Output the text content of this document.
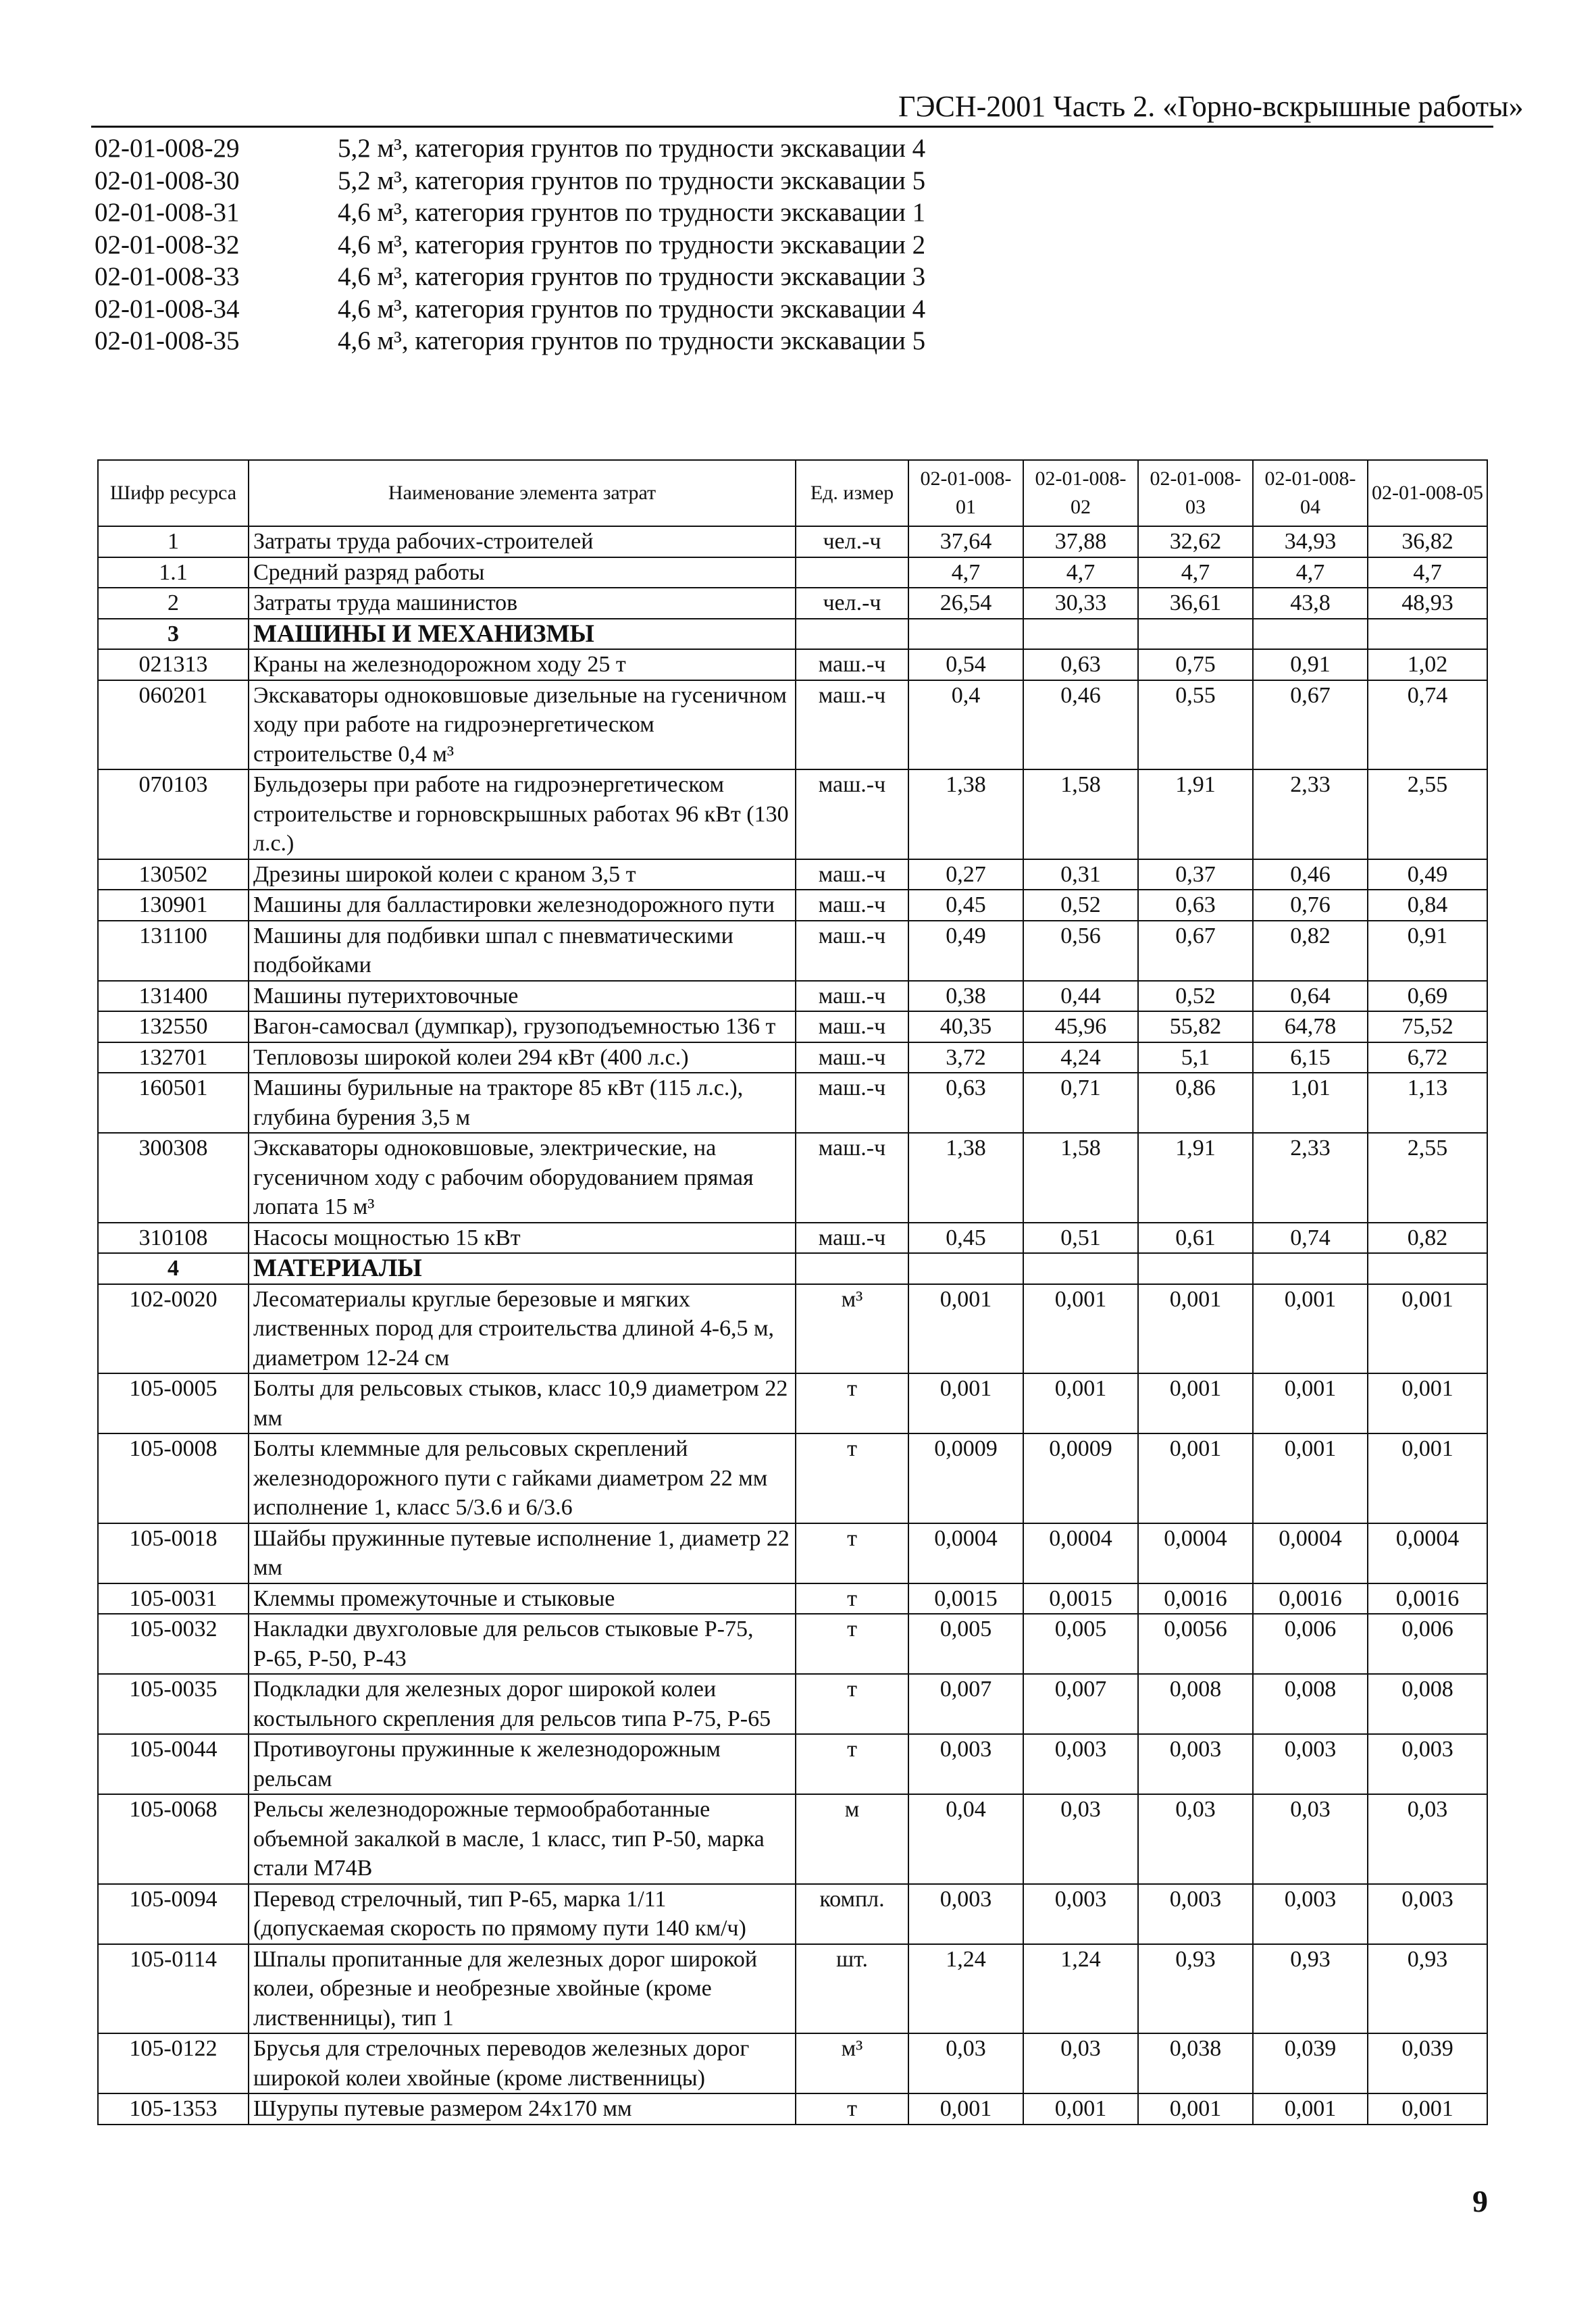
ГЭСН-2001 Часть 2. «Горно-вскрышные работы»
02-01-008-29	5,2 м³, категория грунтов по трудности экскавации 4
02-01-008-30	5,2 м³, категория грунтов по трудности экскавации 5
02-01-008-31	4,6 м³, категория грунтов по трудности экскавации 1
02-01-008-32	4,6 м³, категория грунтов по трудности экскавации 2
02-01-008-33	4,6 м³, категория грунтов по трудности экскавации 3
02-01-008-34	4,6 м³, категория грунтов по трудности экскавации 4
02-01-008-35	4,6 м³, категория грунтов по трудности экскавации 5
Шифр ресурса	Наименование элемента затрат	Ед. измер	02-01-008-01	02-01-008-02	02-01-008-03	02-01-008-04	02-01-008-05
1	Затраты труда рабочих-строителей	чел.-ч	37,64	37,88	32,62	34,93	36,82
1.1	Средний разряд работы		4,7	4,7	4,7	4,7	4,7
2	Затраты труда машинистов	чел.-ч	26,54	30,33	36,61	43,8	48,93
3	МАШИНЫ И МЕХАНИЗМЫ						
021313	Краны на железнодорожном ходу 25 т	маш.-ч	0,54	0,63	0,75	0,91	1,02
060201	Экскаваторы одноковшовые дизельные на гусеничном ходу при работе на гидроэнергетическом строительстве 0,4 м³	маш.-ч	0,4	0,46	0,55	0,67	0,74
070103	Бульдозеры при работе на гидроэнергетическом строительстве и горновскрышных работах 96 кВт (130 л.с.)	маш.-ч	1,38	1,58	1,91	2,33	2,55
130502	Дрезины широкой колеи с краном 3,5 т	маш.-ч	0,27	0,31	0,37	0,46	0,49
130901	Машины для балластировки железнодорожного пути	маш.-ч	0,45	0,52	0,63	0,76	0,84
131100	Машины для подбивки шпал с пневматическими подбойками	маш.-ч	0,49	0,56	0,67	0,82	0,91
131400	Машины путерихтовочные	маш.-ч	0,38	0,44	0,52	0,64	0,69
132550	Вагон-самосвал (думпкар), грузоподъемностью 136 т	маш.-ч	40,35	45,96	55,82	64,78	75,52
132701	Тепловозы широкой колеи 294 кВт (400 л.с.)	маш.-ч	3,72	4,24	5,1	6,15	6,72
160501	Машины бурильные на тракторе 85 кВт (115 л.с.), глубина бурения 3,5 м	маш.-ч	0,63	0,71	0,86	1,01	1,13
300308	Экскаваторы одноковшовые, электрические, на гусеничном ходу с рабочим оборудованием прямая лопата 15 м³	маш.-ч	1,38	1,58	1,91	2,33	2,55
310108	Насосы мощностью 15 кВт	маш.-ч	0,45	0,51	0,61	0,74	0,82
4	МАТЕРИАЛЫ						
102-0020	Лесоматериалы круглые березовые и мягких лиственных пород для строительства длиной 4-6,5 м, диаметром 12-24 см	м³	0,001	0,001	0,001	0,001	0,001
105-0005	Болты для рельсовых стыков, класс 10,9 диаметром 22 мм	т	0,001	0,001	0,001	0,001	0,001
105-0008	Болты клеммные для рельсовых скреплений железнодорожного пути с гайками диаметром 22 мм исполнение 1, класс 5/3.6 и 6/3.6	т	0,0009	0,0009	0,001	0,001	0,001
105-0018	Шайбы пружинные путевые исполнение 1, диаметр 22 мм	т	0,0004	0,0004	0,0004	0,0004	0,0004
105-0031	Клеммы промежуточные и стыковые	т	0,0015	0,0015	0,0016	0,0016	0,0016
105-0032	Накладки двухголовые для рельсов стыковые Р-75, Р-65, Р-50, Р-43	т	0,005	0,005	0,0056	0,006	0,006
105-0035	Подкладки для железных дорог широкой колеи костыльного скрепления для рельсов типа Р-75, Р-65	т	0,007	0,007	0,008	0,008	0,008
105-0044	Противоугоны пружинные к железнодорожным рельсам	т	0,003	0,003	0,003	0,003	0,003
105-0068	Рельсы железнодорожные термообработанные объемной закалкой в масле, 1 класс, тип Р-50, марка стали М74В	м	0,04	0,03	0,03	0,03	0,03
105-0094	Перевод стрелочный, тип Р-65, марка 1/11 (допускаемая скорость по прямому пути 140 км/ч)	компл.	0,003	0,003	0,003	0,003	0,003
105-0114	Шпалы пропитанные для железных дорог широкой колеи, обрезные и необрезные хвойные (кроме лиственницы), тип 1	шт.	1,24	1,24	0,93	0,93	0,93
105-0122	Брусья для стрелочных переводов железных дорог широкой колеи хвойные (кроме лиственницы)	м³	0,03	0,03	0,038	0,039	0,039
105-1353	Шурупы путевые размером 24х170 мм	т	0,001	0,001	0,001	0,001	0,001
9
